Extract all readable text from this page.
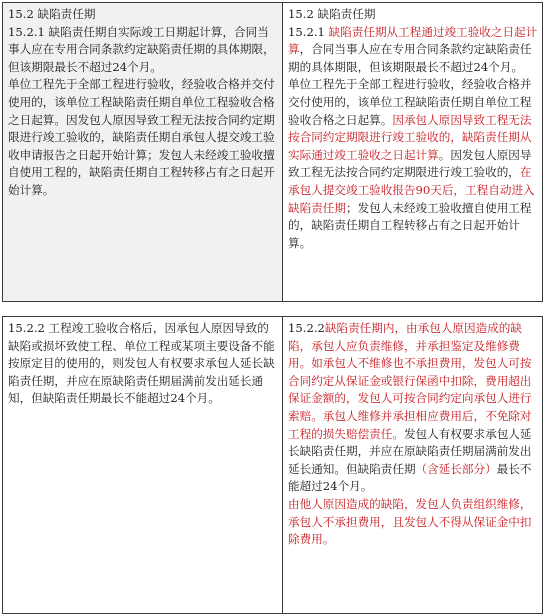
15.2 缺陷责任期

15.2.1 缺陷责任期自实际竣工日期起计算，合同当事人应在专用合同条款约定缺陷责任期的具体期限，但该期限最长不超过24个月。

单位工程先于全部工程进行验收，经验收合格并交付使用的，该单位工程缺陷责任期自单位工程验收合格之日起算。因发包人原因导致工程无法按合同约定期限进行竣工验收的，缺陷责任期自承包人提交竣工验收申请报告之日起开始计算；发包人未经竣工验收擅自使用工程的，缺陷责任期自工程转移占有之日起开始计算。

15.2 缺陷责任期

15.2.1 缺陷责任期从工程通过竣工验收之日起计算，合同当事人应在专用合同条款约定缺陷责任期的具体期限，但该期限最长不超过24个月。

单位工程先于全部工程进行验收，经验收合格并交付使用的，该单位工程缺陷责任期自单位工程验收合格之日起算。因承包人原因导致工程无法按合同约定期限进行竣工验收的，缺陷责任期从实际通过竣工验收之日起计算。因发包人原因导致工程无法按合同约定期限进行竣工验收的，在承包人提交竣工验收报告90天后，工程自动进入缺陷责任期；发包人未经竣工验收擅自使用工程的，缺陷责任期自工程转移占有之日起开始计算。

15.2.2 工程竣工验收合格后，因承包人原因导致的缺陷或损坏致使工程、单位工程或某项主要设备不能按原定目的使用的，则发包人有权要求承包人延长缺陷责任期，并应在原缺陷责任期届满前发出延长通知，但缺陷责任期最长不能超过24个月。

15.2.2缺陷责任期内，由承包人原因造成的缺陷，承包人应负责维修，并承担鉴定及维修费用。如承包人不维修也不承担费用，发包人可按合同约定从保证金或银行保函中扣除，费用超出保证金额的，发包人可按合同约定向承包人进行索赔。承包人维修并承担相应费用后，不免除对工程的损失赔偿责任。发包人有权要求承包人延长缺陷责任期，并应在原缺陷责任期届满前发出延长通知。但缺陷责任期（含延长部分）最长不能超过24个月。

由他人原因造成的缺陷，发包人负责组织维修，承包人不承担费用，且发包人不得从保证金中扣除费用。
